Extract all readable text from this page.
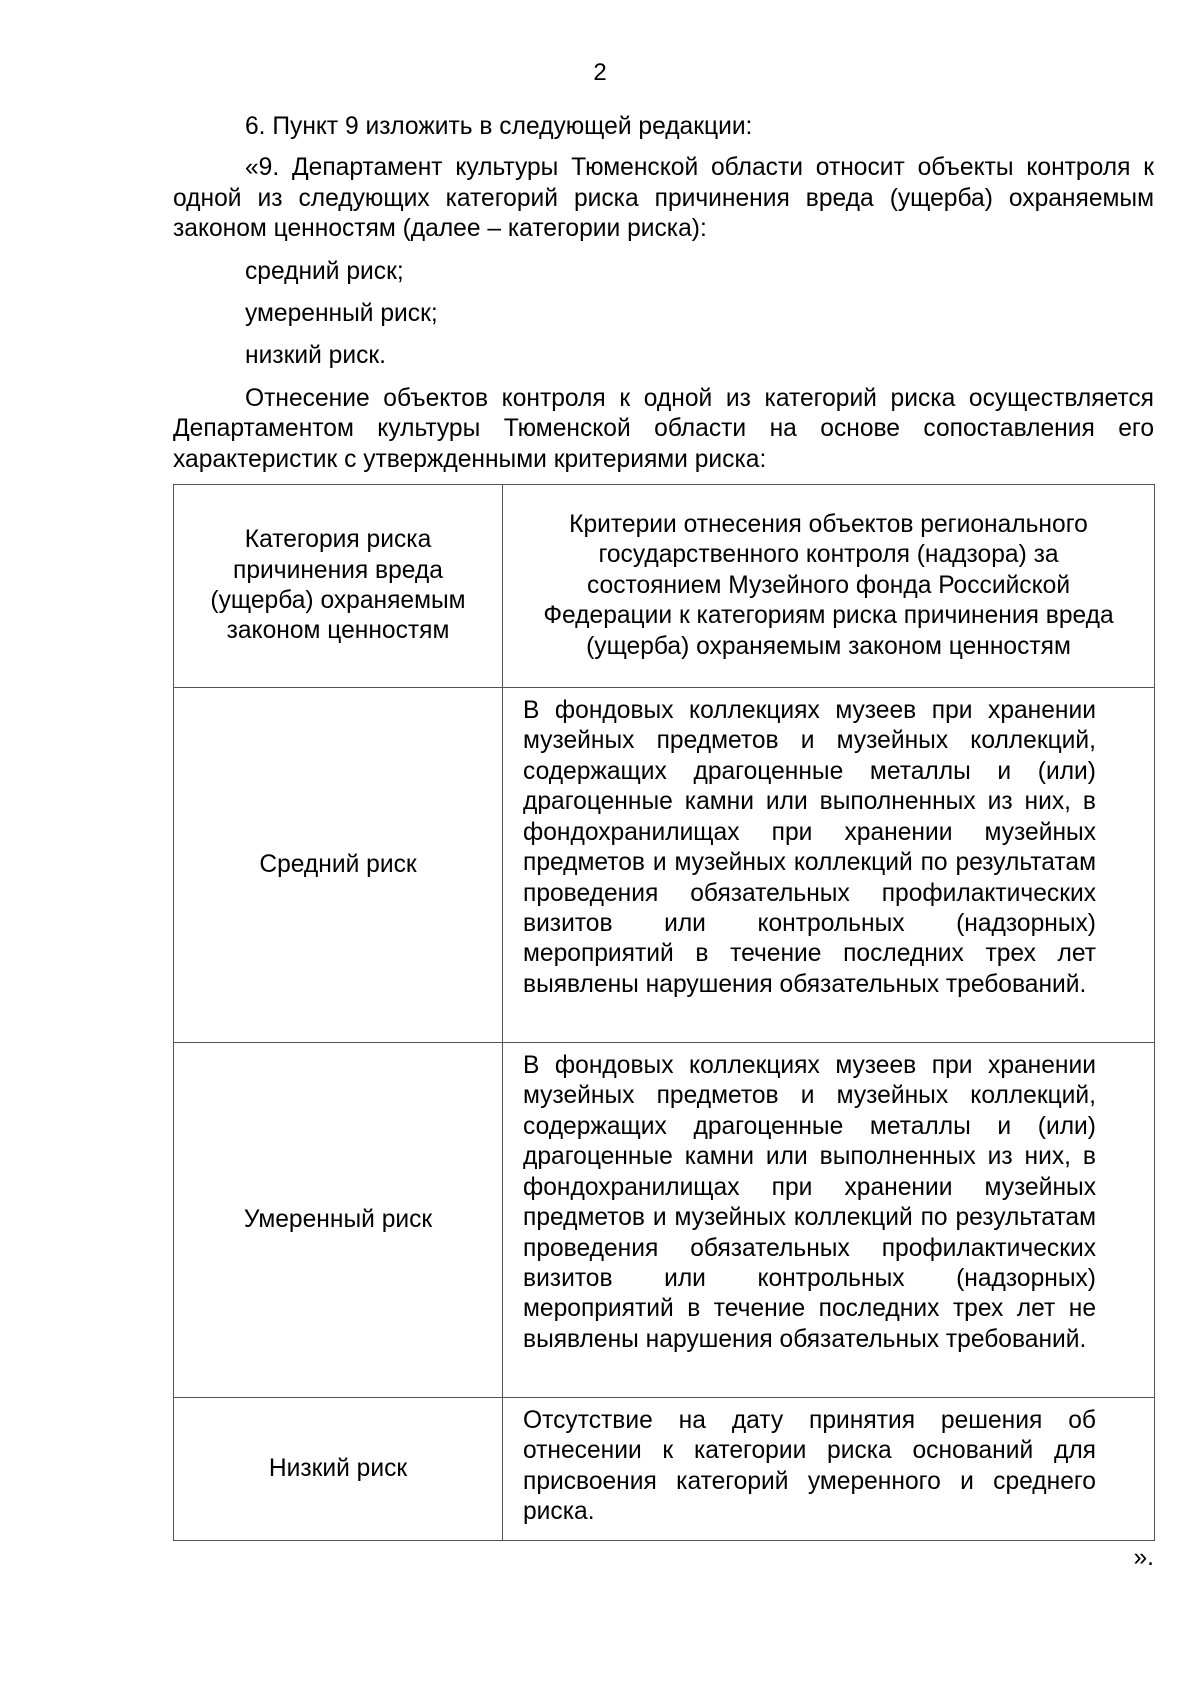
2

6. Пункт 9 изложить в следующей редакции:

«9. Департамент культуры Тюменской области относит объекты контроля к одной из следующих категорий риска причинения вреда (ущерба) охраняемым законом ценностям (далее – категории риска):

средний риск;

умеренный риск;

низкий риск.

Отнесение объектов контроля к одной из категорий риска осуществляется Департаментом культуры Тюменской области на основе сопоставления его характеристик с утвержденными критериями риска:

Категория риска причинения вреда (ущерба) охраняемым законом ценностям	Критерии отнесения объектов регионального государственного контроля (надзора) за состоянием Музейного фонда Российской Федерации к категориям риска причинения вреда (ущерба) охраняемым законом ценностям
Средний риск	В фондовых коллекциях музеев при хранении музейных предметов и музейных коллекций, содержащих драгоценные металлы и (или) драгоценные камни или выполненных из них, в фондохранилищах при хранении музейных предметов и музейных коллекций по результатам проведения обязательных профилактических визитов или контрольных (надзорных) мероприятий в течение последних трех лет выявлены нарушения обязательных требований.
Умеренный риск	В фондовых коллекциях музеев при хранении музейных предметов и музейных коллекций, содержащих драгоценные металлы и (или) драгоценные камни или выполненных из них, в фондохранилищах при хранении музейных предметов и музейных коллекций по результатам проведения обязательных профилактических визитов или контрольных (надзорных) мероприятий в течение последних трех лет не выявлены нарушения обязательных требований.
Низкий риск	Отсутствие на дату принятия решения об отнесении к категории риска оснований для присвоения категорий умеренного и среднего риска.

».
